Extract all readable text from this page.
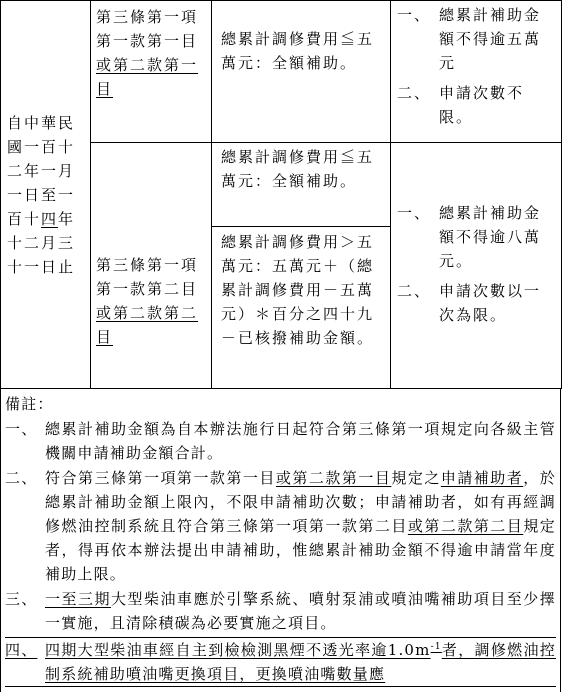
自中華民國一百十二年一月一日至一百十四年十二月三十一日止	第三條第一項第一款第一目或第二款第一目	總累計調修費用≦五萬元：全額補助。	一、 總累計補助金額不得逾五萬元
二、 申請次數不限。

	第三條第一項第一款第二目或第二款第二目	總累計調修費用≦五萬元：全額補助。	一、 總累計補助金額不得逾八萬元。
二、 申請次數以一次為限。

		總累計調修費用＞五萬元：五萬元＋（總累計調修費用－五萬元）＊百分之四十九－已核撥補助金額。	
備註：
一、 總累計補助金額為自本辦法施行日起符合第三條第一項規定向各級主管機關申請補助金額合計。
二、 符合第三條第一項第一款第一目或第二款第一目規定之申請補助者，於總累計補助金額上限內，不限申請補助次數；申請補助者，如有再經調修燃油控制系統且符合第三條第一項第一款第二目或第二款第二目規定者，得再依本辦法提出申請補助，惟總累計補助金額不得逾申請當年度補助上限。
三、 一至三期大型柴油車應於引擎系統、噴射泵浦或噴油嘴補助項目至少擇一實施，且清除積碳為必要實施之項目。
四、 四期大型柴油車經自主到檢檢測黑煙不透光率逾$1.0m^{-1}$者，調修燃油控制系統補助噴油嘴更換項目，更換噴油嘴數量應
